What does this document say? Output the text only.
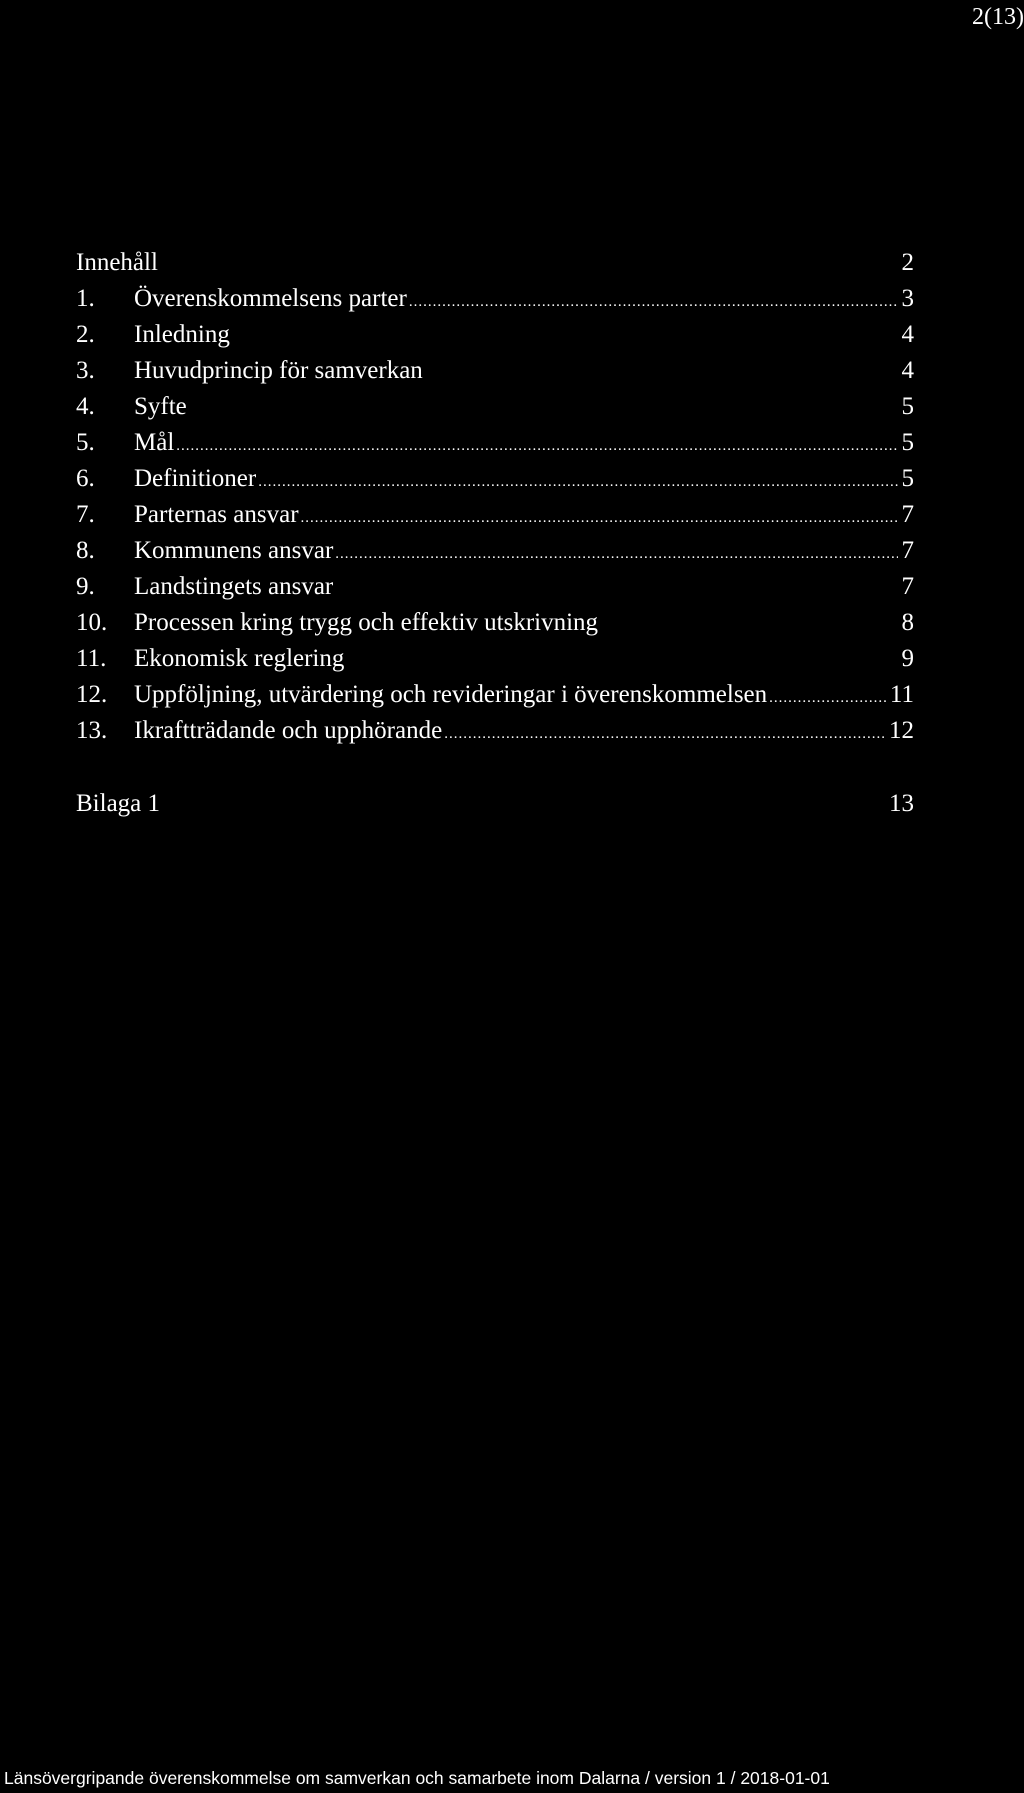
2(13)
Innehåll	2
1.	Överenskommelsens parter .....	3
2.	Inledning	4
3.	Huvudprincip för samverkan	4
4.	Syfte	5
5.	Mål .....	5
6.	Definitioner .....	5
7.	Parternas ansvar .....	7
8.	Kommunens ansvar .....	7
9.	Landstingets ansvar	7
10.	Processen kring trygg och effektiv utskrivning	8
11.	Ekonomisk reglering	9
12.	Uppföljning, utvärdering och revideringar i överenskommelsen .....	11
13.	Ikraftträdande och upphörande .....	12
Bilaga 1	13
Länsövergripande överenskommelse om samverkan och samarbete inom Dalarna / version 1 / 2018-01-01
